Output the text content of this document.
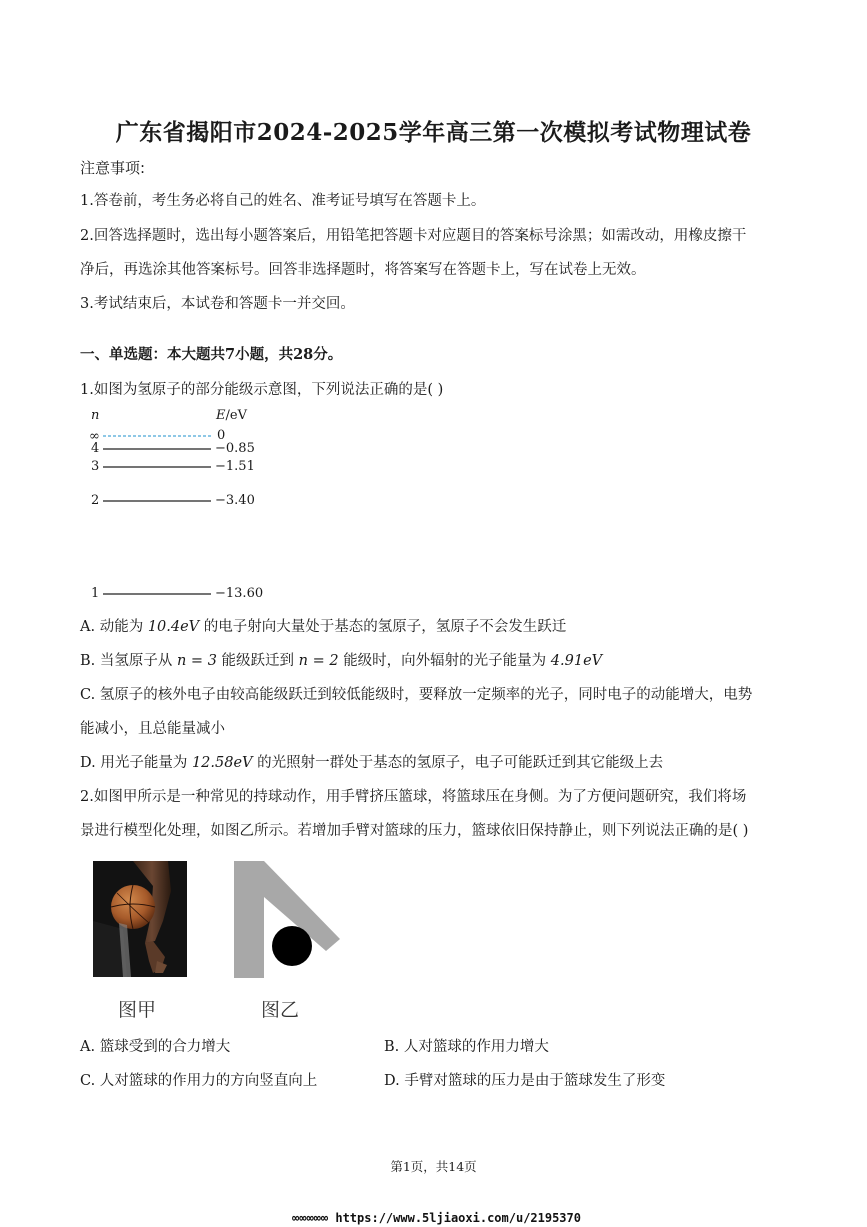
广东省揭阳市2024-2025学年高三第一次模拟考试物理试卷
注意事项:
1.答卷前，考生务必将自己的姓名、准考证号填写在答题卡上。
2.回答选择题时，选出每小题答案后，用铅笔把答题卡对应题目的答案标号涂黑；如需改动，用橡皮擦干
净后，再选涂其他答案标号。回答非选择题时，将答案写在答题卡上，写在试卷上无效。
3.考试结束后，本试卷和答题卡一并交回。
一、单选题：本大题共7小题，共28分。
1.如图为氢原子的部分能级示意图，下列说法正确的是( )
n	E/eV
∞	0
4	−0.85
3	−1.51
2	−3.40
1	−13.60
A. 动能为 10.4eV 的电子射向大量处于基态的氢原子，氢原子不会发生跃迁
B. 当氢原子从 n = 3 能级跃迁到 n = 2 能级时，向外辐射的光子能量为 4.91eV
C. 氢原子的核外电子由较高能级跃迁到较低能级时，要释放一定频率的光子，同时电子的动能增大，电势
能减小，且总能量减小
D. 用光子能量为 12.58eV 的光照射一群处于基态的氢原子，电子可能跃迁到其它能级上去
2.如图甲所示是一种常见的持球动作，用手臂挤压篮球，将篮球压在身侧。为了方便问题研究，我们将场
景进行模型化处理，如图乙所示。若增加手臂对篮球的压力，篮球依旧保持静止，则下列说法正确的是( )
图甲	图乙
A. 篮球受到的合力增大	B. 人对篮球的作用力增大
C. 人对篮球的作用力的方向竖直向上	D. 手臂对篮球的压力是由于篮球发生了形变
第1页，共14页
∞∞∞∞∞ https://www.5ljiaoxi.com/u/2195370
